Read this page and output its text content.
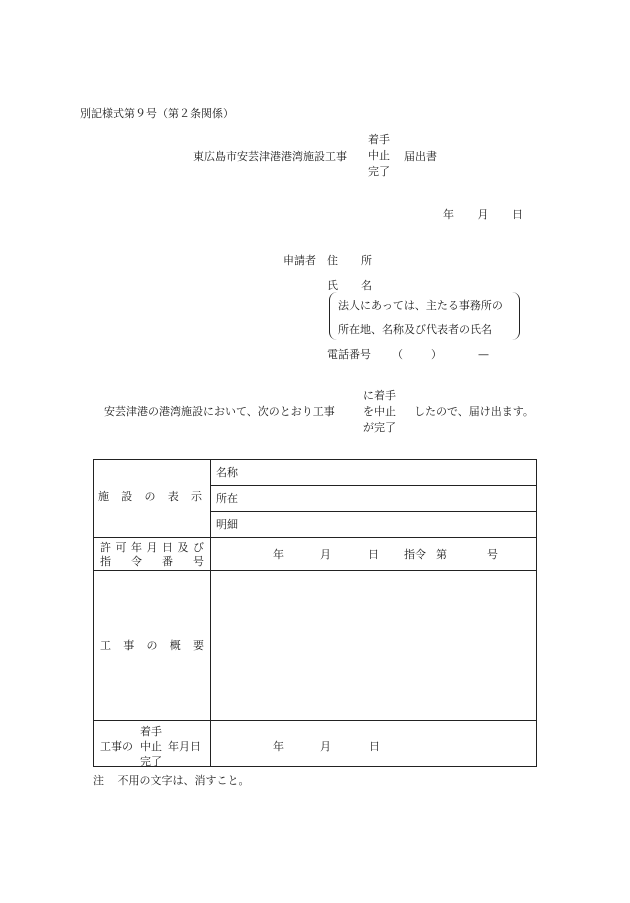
別記様式第９号（第２条関係）
着手
中止
完了
東広島市安芸津港港湾施設工事	届出書
年 月 日
申請者 住 所
氏 名
法人にあっては、主たる事務所の
所在地、名称及び代表者の氏名
電話番号 （	）	—
に着手
を中止
が完了
安芸津港の港湾施設において、次のとおり工事	したので、届け出ます。
施 設 の 表 示
名称
所在
明細
許 可 年 月 日 及 び
指 令 番 号
年	月	日 指令 第	号
工 事 の 概 要
着手
中止
完了
工事の	年月日	年	月	日
注 不用の文字は、消すこと。
